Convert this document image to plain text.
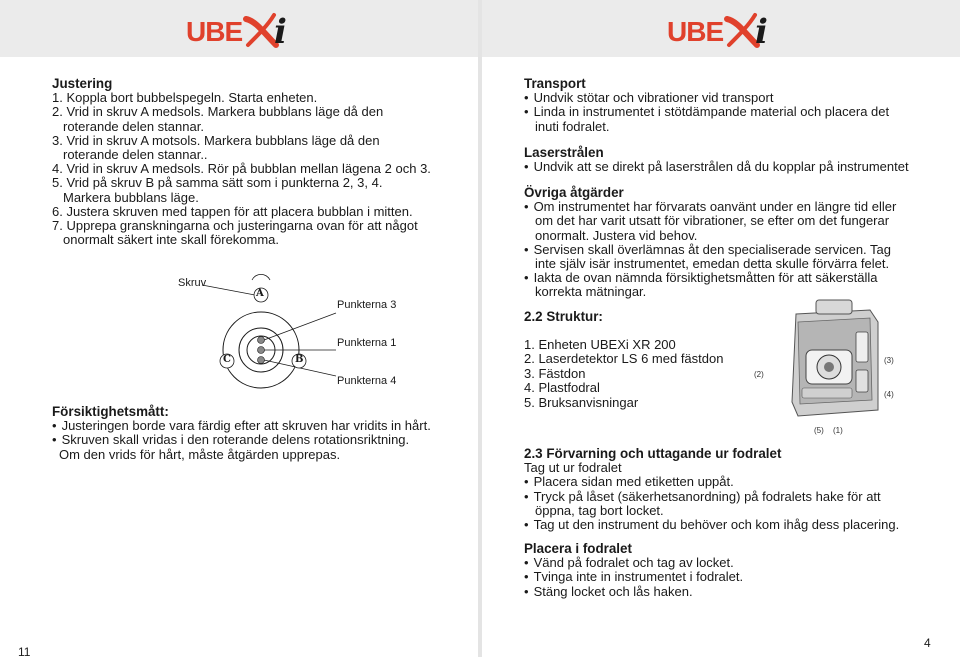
UBE i
Justering
1. Koppla bort bubbelspegeln. Starta enheten.
2. Vrid in skruv A medsols. Markera bubblans läge då den
roterande delen stannar.
3. Vrid in skruv A motsols. Markera bubblans läge då den
roterande delen stannar..
4. Vrid in skruv A medsols. Rör på bubblan mellan lägena 2 och 3.
5. Vrid på skruv B på samma sätt som i punkterna 2, 3, 4.
Markera bubblans läge.
6. Justera skruven med tappen för att placera bubblan i mitten.
7. Upprepa granskningarna och justeringarna ovan för att något
onormalt säkert inte skall förekomma.
Skruv
Punkterna 3
Punkterna 1
Punkterna 4
A
C	B
Försiktighetsmått:
• Justeringen borde vara färdig efter att skruven har vridits in hårt.
• Skruven skall vridas i den roterande delens rotationsriktning.
Om den vrids för hårt, måste åtgärden upprepas.
11
UBE i
Transport
• Undvik stötar och vibrationer vid transport
• Linda in instrumentet i stötdämpande material och placera det
inuti fodralet.
Laserstrålen
• Undvik att se direkt på laserstrålen då du kopplar på instrumentet
Övriga åtgärder
• Om instrumentet har förvarats oanvänt under en längre tid eller
om det har varit utsatt för vibrationer, se efter om det fungerar
onormalt. Justera vid behov.
• Servisen skall överlämnas åt den specialiserade servicen. Tag
inte själv isär instrumentet, emedan detta skulle förvärra felet.
• Iakta de ovan nämnda försiktighetsmåtten för att säkerställa
korrekta mätningar.
2.2 Struktur:
1. Enheten UBEXi XR 200
2. Laserdetektor LS 6 med fästdon
3. Fästdon
4. Plastfodral
5. Bruksanvisningar
(2)
(3)
(4)
(5) (1)
2.3 Förvarning och uttagande ur fodralet
Tag ut ur fodralet
• Placera sidan med etiketten uppåt.
• Tryck på låset (säkerhetsanordning) på fodralets hake för att
öppna, tag bort locket.
• Tag ut den instrument du behöver och kom ihåg dess placering.
Placera i fodralet
• Vänd på fodralet och tag av locket.
• Tvinga inte in instrumentet i fodralet.
• Stäng locket och lås haken.
4
